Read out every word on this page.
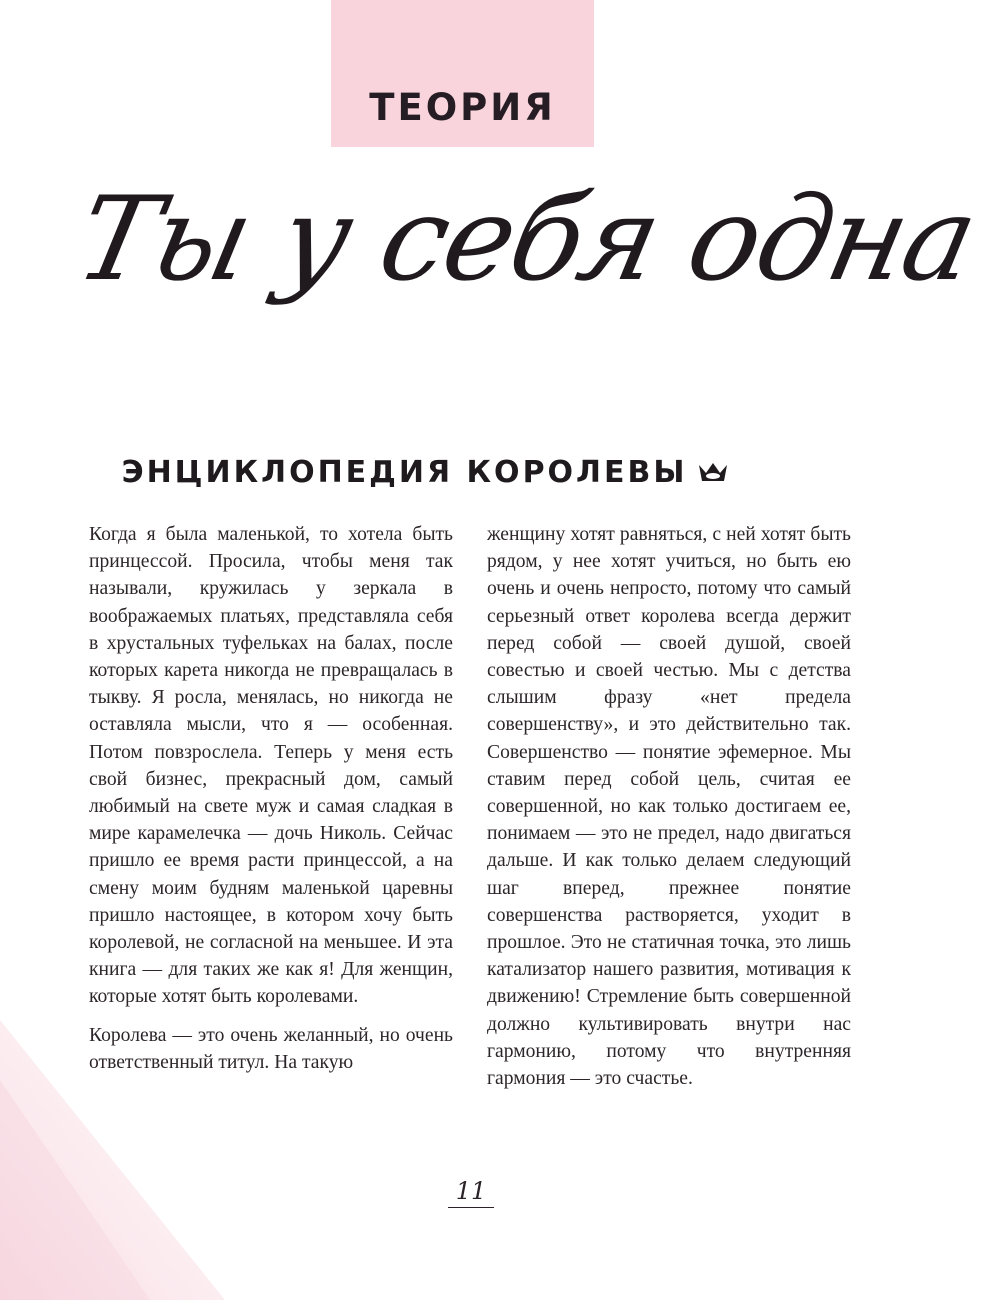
ТЕОРИЯ
Ты у себя одна
ЭНЦИКЛОПЕДИЯ КОРОЛЕВЫ

Когда я была маленькой, то хотела быть принцессой. Просила, чтобы меня так называли, кружилась у зеркала в воображаемых платьях, представляла себя в хрустальных туфельках на балах, после которых карета никогда не превращалась в тыкву. Я росла, менялась, но никогда не оставляла мысли, что я — особенная. Потом повзрослела. Теперь у меня есть свой бизнес, прекрасный дом, самый любимый на свете муж и самая сладкая в мире карамелечка — дочь Николь. Сейчас пришло ее время расти принцессой, а на смену моим будням маленькой царевны пришло настоящее, в котором хочу быть королевой, не согласной на меньшее. И эта книга — для таких же как я! Для женщин, которые хотят быть королевами.

Королева — это очень желанный, но очень ответственный титул. На такую

женщину хотят равняться, с ней хотят быть рядом, у нее хотят учиться, но быть ею очень и очень непросто, потому что самый серьезный ответ королева всегда держит перед собой — своей душой, своей совестью и своей честью. Мы с детства слышим фразу «нет предела совершенству», и это действительно так. Совершенство — понятие эфемерное. Мы ставим перед собой цель, считая ее совершенной, но как только достигаем ее, понимаем — это не предел, надо двигаться дальше. И как только делаем следующий шаг вперед, прежнее понятие совершенства растворяется, уходит в прошлое. Это не статичная точка, это лишь катализатор нашего развития, мотивация к движению! Стремление быть совершенной должно культивировать внутри нас гармонию, потому что внутренняя гармония — это счастье.

11
